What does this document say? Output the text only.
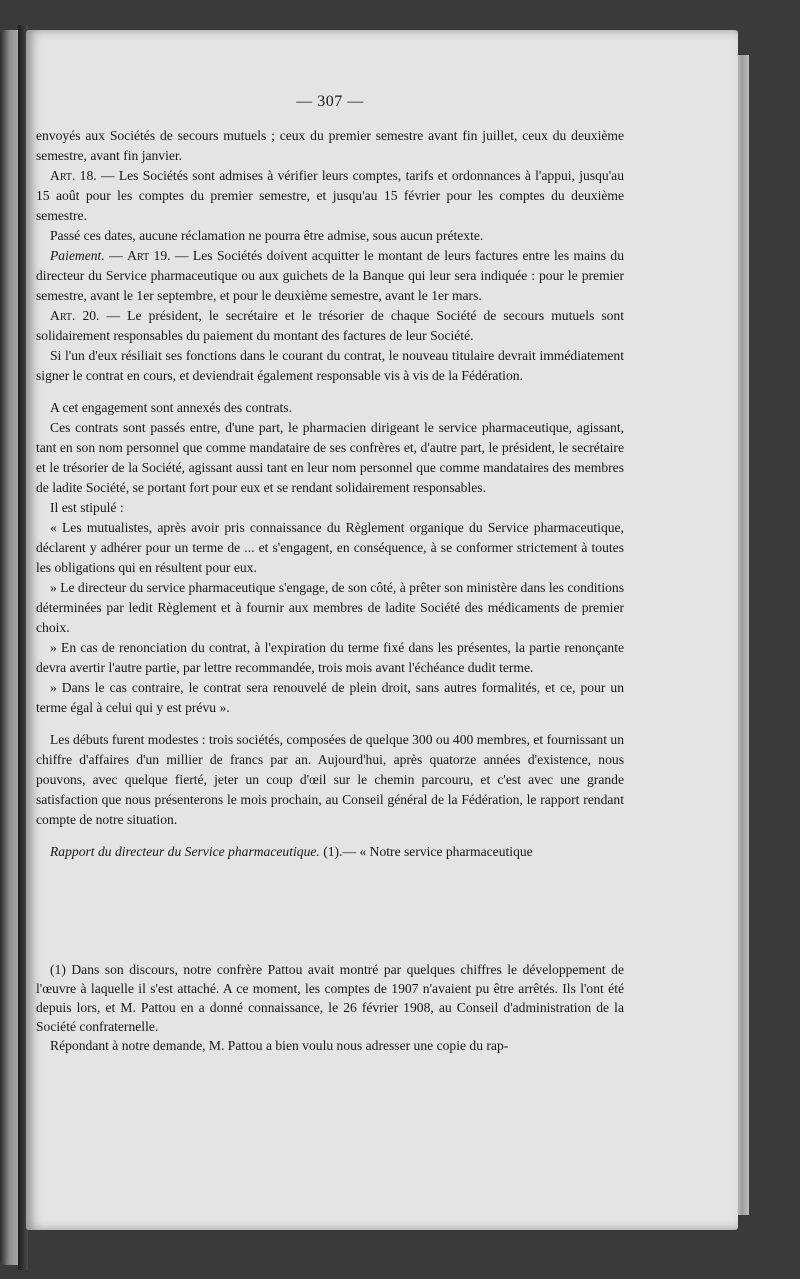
— 307 —

envoyés aux Sociétés de secours mutuels ; ceux du premier semestre avant fin juillet, ceux du deuxième semestre, avant fin janvier.

Art. 18. — Les Sociétés sont admises à vérifier leurs comptes, tarifs et ordonnances à l'appui, jusqu'au 15 août pour les comptes du premier semestre, et jusqu'au 15 février pour les comptes du deuxième semestre.

Passé ces dates, aucune réclamation ne pourra être admise, sous aucun prétexte.

Paiement. — Art 19. — Les Sociétés doivent acquitter le montant de leurs factures entre les mains du directeur du Service pharmaceutique ou aux guichets de la Banque qui leur sera indiquée : pour le premier semestre, avant le 1er septembre, et pour le deuxième semestre, avant le 1er mars.

Art. 20. — Le président, le secrétaire et le trésorier de chaque Société de secours mutuels sont solidairement responsables du paiement du montant des factures de leur Société.

Si l'un d'eux résiliait ses fonctions dans le courant du contrat, le nouveau titulaire devrait immédiatement signer le contrat en cours, et deviendrait également responsable vis à vis de la Fédération.

A cet engagement sont annexés des contrats.

Ces contrats sont passés entre, d'une part, le pharmacien dirigeant le service pharmaceutique, agissant, tant en son nom personnel que comme mandataire de ses confrères et, d'autre part, le président, le secrétaire et le trésorier de la Société, agissant aussi tant en leur nom personnel que comme mandataires des membres de ladite Société, se portant fort pour eux et se rendant solidairement responsables.

Il est stipulé :

« Les mutualistes, après avoir pris connaissance du Règlement organique du Service pharmaceutique, déclarent y adhérer pour un terme de ... et s'engagent, en conséquence, à se conformer strictement à toutes les obligations qui en résultent pour eux.

» Le directeur du service pharmaceutique s'engage, de son côté, à prêter son ministère dans les conditions déterminées par ledit Règlement et à fournir aux membres de ladite Société des médicaments de premier choix.

» En cas de renonciation du contrat, à l'expiration du terme fixé dans les présentes, la partie renonçante devra avertir l'autre partie, par lettre recommandée, trois mois avant l'échéance dudit terme.

» Dans le cas contraire, le contrat sera renouvelé de plein droit, sans autres formalités, et ce, pour un terme égal à celui qui y est prévu ».

Les débuts furent modestes : trois sociétés, composées de quelque 300 ou 400 membres, et fournissant un chiffre d'affaires d'un millier de francs par an. Aujourd'hui, après quatorze années d'existence, nous pouvons, avec quelque fierté, jeter un coup d'œil sur le chemin parcouru, et c'est avec une grande satisfaction que nous présenterons le mois prochain, au Conseil général de la Fédération, le rapport rendant compte de notre situation.

Rapport du directeur du Service pharmaceutique. (1).— « Notre service pharmaceutique

(1) Dans son discours, notre confrère Pattou avait montré par quelques chiffres le développement de l'œuvre à laquelle il s'est attaché. A ce moment, les comptes de 1907 n'avaient pu être arrêtés. Ils l'ont été depuis lors, et M. Pattou en a donné connaissance, le 26 février 1908, au Conseil d'administration de la Société confraternelle.

Répondant à notre demande, M. Pattou a bien voulu nous adresser une copie du rap-
